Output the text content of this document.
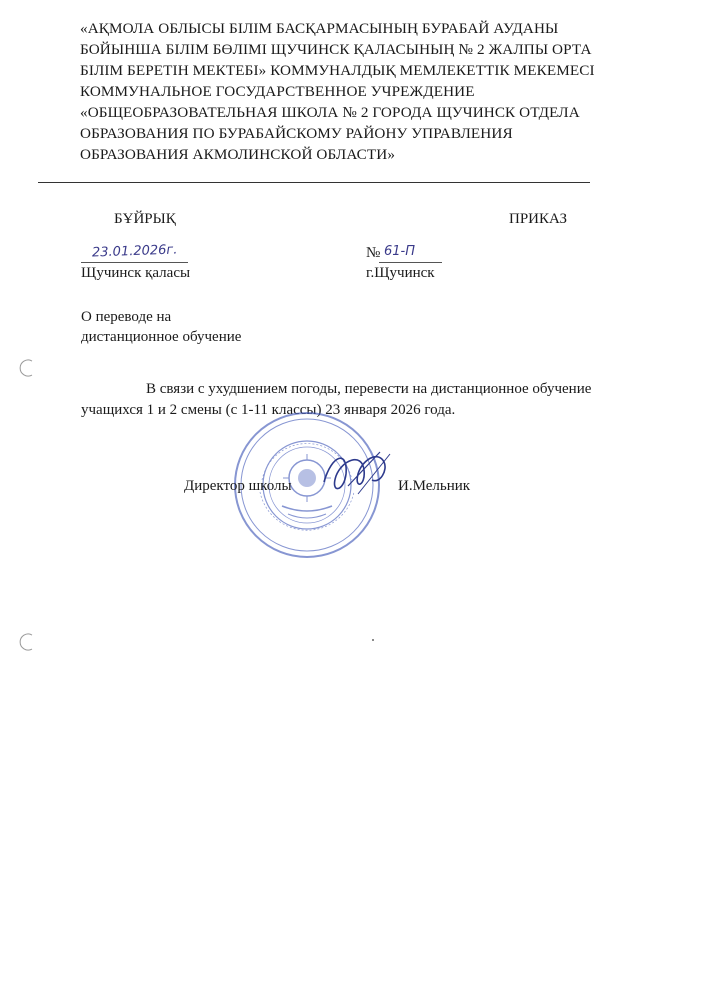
«АҚМОЛА ОБЛЫСЫ БІЛІМ БАСҚАРМАСЫНЫҢ БУРАБАЙ АУДАНЫ
БОЙЫНША БІЛІМ БӨЛІМІ ЩУЧИНСК ҚАЛАСЫНЫҢ № 2 ЖАЛПЫ ОРТА
БІЛІМ БЕРЕТІН МЕКТЕБІ» КОММУНАЛДЫҚ МЕМЛЕКЕТТІК МЕКЕМЕСІ
КОММУНАЛЬНОЕ ГОСУДАРСТВЕННОЕ УЧРЕЖДЕНИЕ
«ОБЩЕОБРАЗОВАТЕЛЬНАЯ ШКОЛА № 2 ГОРОДА ЩУЧИНСК ОТДЕЛА
ОБРАЗОВАНИЯ ПО БУРАБАЙСКОМУ РАЙОНУ УПРАВЛЕНИЯ
ОБРАЗОВАНИЯ АКМОЛИНСКОЙ ОБЛАСТИ»
БҰЙРЫҚ	ПРИКАЗ
23.01.2026г.	№ 61-П
Щучинск қаласы	г.Щучинск
О переводе на
дистанционное обучение
В связи с ухудшением погоды, перевести на дистанционное обучение
учащихся 1 и 2 смены (с 1-11 классы) 23 января 2026 года.
Директор школы	И.Мельник
